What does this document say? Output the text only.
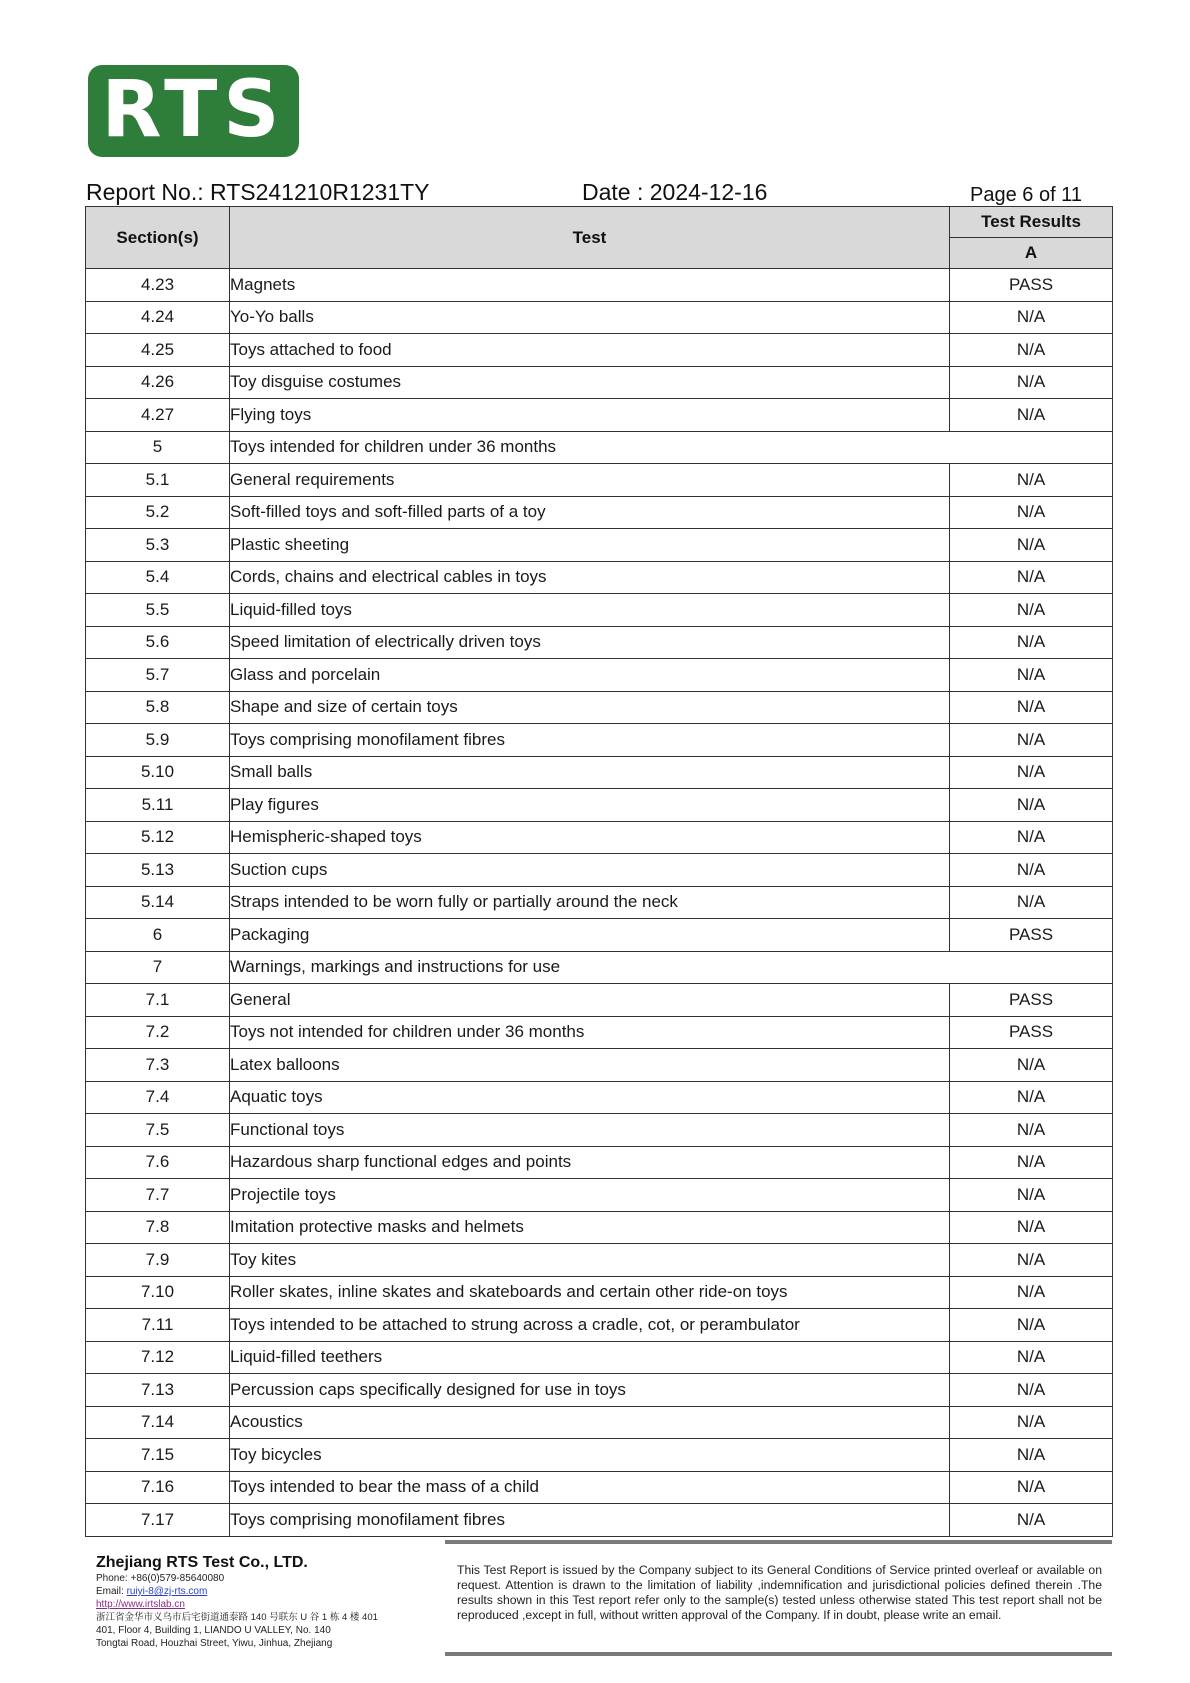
RTS
Report No.: RTS241210R1231TY	Date : 2024-12-16	Page 6 of 11
Section(s)	Test	Test Results
		A
4.23	Magnets	PASS
4.24	Yo-Yo balls	N/A
4.25	Toys attached to food	N/A
4.26	Toy disguise costumes	N/A
4.27	Flying toys	N/A
5	Toys intended for children under 36 months	
5.1	General requirements	N/A
5.2	Soft-filled toys and soft-filled parts of a toy	N/A
5.3	Plastic sheeting	N/A
5.4	Cords, chains and electrical cables in toys	N/A
5.5	Liquid-filled toys	N/A
5.6	Speed limitation of electrically driven toys	N/A
5.7	Glass and porcelain	N/A
5.8	Shape and size of certain toys	N/A
5.9	Toys comprising monofilament fibres	N/A
5.10	Small balls	N/A
5.11	Play figures	N/A
5.12	Hemispheric-shaped toys	N/A
5.13	Suction cups	N/A
5.14	Straps intended to be worn fully or partially around the neck	N/A
6	Packaging	PASS
7	Warnings, markings and instructions for use	
7.1	General	PASS
7.2	Toys not intended for children under 36 months	PASS
7.3	Latex balloons	N/A
7.4	Aquatic toys	N/A
7.5	Functional toys	N/A
7.6	Hazardous sharp functional edges and points	N/A
7.7	Projectile toys	N/A
7.8	Imitation protective masks and helmets	N/A
7.9	Toy kites	N/A
7.10	Roller skates, inline skates and skateboards and certain other ride-on toys	N/A
7.11	Toys intended to be attached to strung across a cradle, cot, or perambulator	N/A
7.12	Liquid-filled teethers	N/A
7.13	Percussion caps specifically designed for use in toys	N/A
7.14	Acoustics	N/A
7.15	Toy bicycles	N/A
7.16	Toys intended to bear the mass of a child	N/A
7.17	Toys comprising monofilament fibres	N/A
Zhejiang RTS Test Co., LTD.
Phone: +86(0)579-85640080
Email: ruiyi-8@zj-rts.com
http://www.irtslab.cn
浙江省金华市义乌市后宅街道通泰路 140 号联东 U 谷 1 栋 4 楼 401
401, Floor 4, Building 1, LIANDO U VALLEY, No. 140
Tongtai Road, Houzhai Street, Yiwu, Jinhua, Zhejiang
This Test Report is issued by the Company subject to its General Conditions of Service printed overleaf or available on request. Attention is drawn to the limitation of liability ,indemnification and jurisdictional policies defined therein .The results shown in this Test report refer only to the sample(s) tested unless otherwise stated This test report shall not be reproduced ,except in full, without written approval of the Company. If in doubt, please write an email.
